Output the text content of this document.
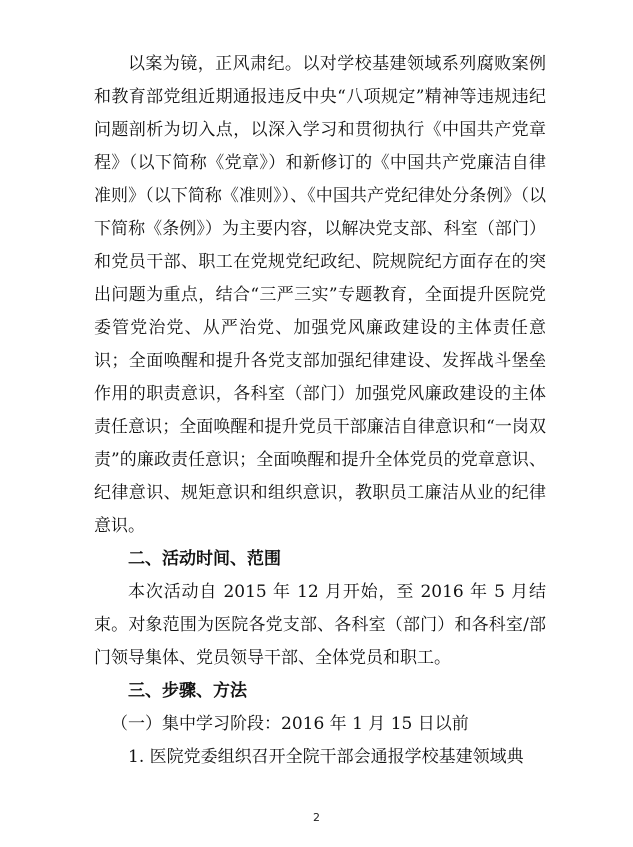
以案为镜，正风肃纪。以对学校基建领域系列腐败案例和教育部党组近期通报违反中央“八项规定”精神等违规违纪问题剖析为切入点，以深入学习和贯彻执行《中国共产党章程》（以下简称《党章》）和新修订的《中国共产党廉洁自律准则》（以下简称《准则》）、《中国共产党纪律处分条例》（以下简称《条例》）为主要内容，以解决党支部、科室（部门）和党员干部、职工在党规党纪政纪、院规院纪方面存在的突出问题为重点，结合“三严三实”专题教育，全面提升医院党委管党治党、从严治党、加强党风廉政建设的主体责任意识；全面唤醒和提升各党支部加强纪律建设、发挥战斗堡垒作用的职责意识，各科室（部门）加强党风廉政建设的主体责任意识；全面唤醒和提升党员干部廉洁自律意识和“一岗双责”的廉政责任意识；全面唤醒和提升全体党员的党章意识、纪律意识、规矩意识和组织意识，教职员工廉洁从业的纪律意识。

二、活动时间、范围

本次活动自 2015 年 12 月开始，至 2016 年 5 月结束。对象范围为医院各党支部、各科室（部门）和各科室/部门领导集体、党员领导干部、全体党员和职工。

三、步骤、方法

（一）集中学习阶段：2016 年 1 月 15 日以前

1. 医院党委组织召开全院干部会通报学校基建领域典

2
